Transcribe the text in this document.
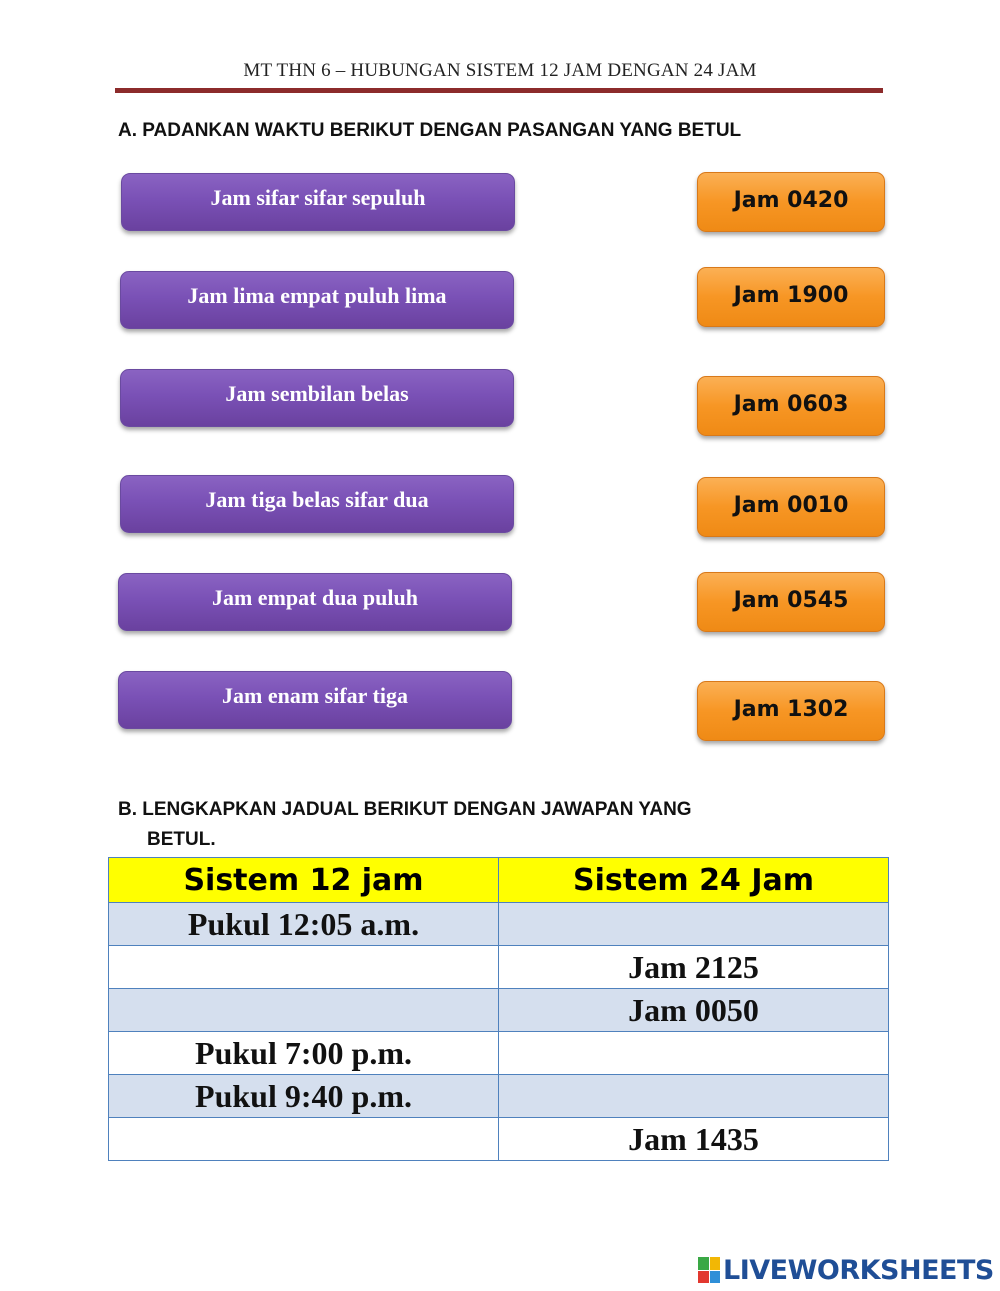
MT THN 6 – HUBUNGAN SISTEM 12 JAM DENGAN 24 JAM
A. PADANKAN WAKTU BERIKUT DENGAN PASANGAN YANG BETUL
Jam sifar sifar sepuluh
Jam lima empat puluh lima
Jam sembilan belas
Jam tiga belas sifar dua
Jam empat dua puluh
Jam enam sifar tiga
Jam 0420
Jam 1900
Jam 0603
Jam 0010
Jam 0545
Jam 1302
B. LENGKAPKAN JADUAL BERIKUT DENGAN JAWAPAN YANG
BETUL.
Sistem 12 jam	Sistem 24 Jam
Pukul 12:05 a.m.	
	Jam 2125
	Jam 0050
Pukul 7:00 p.m.	
Pukul 9:40 p.m.	
	Jam 1435
LIVEWORKSHEETS
